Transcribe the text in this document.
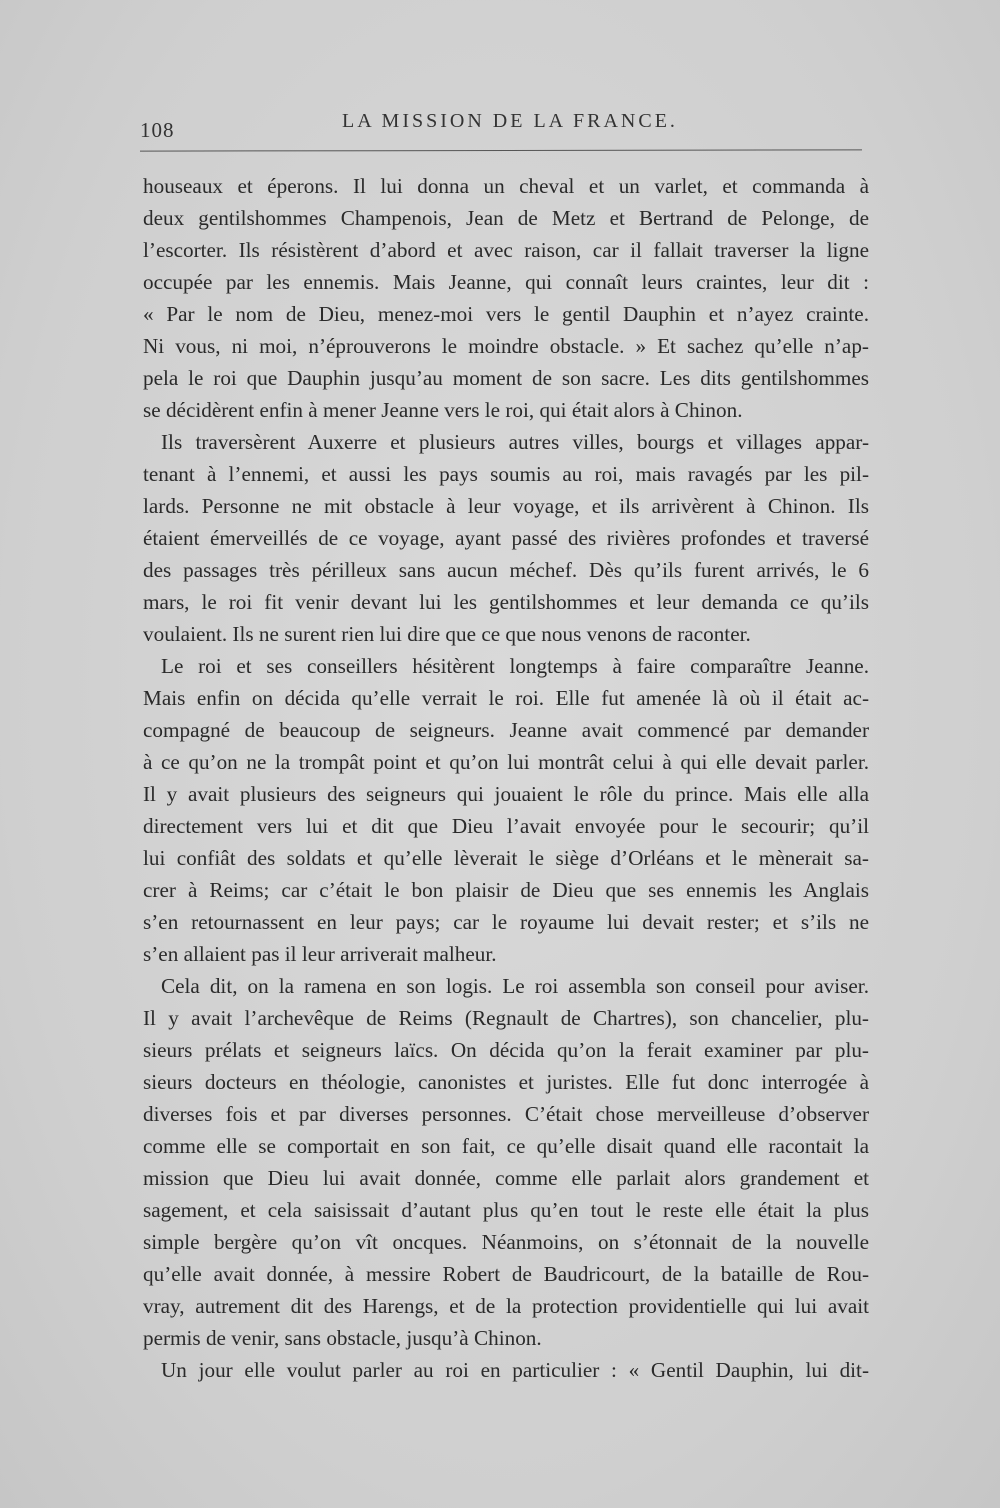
108	LA MISSION DE LA FRANCE.
houseaux et éperons. Il lui donna un cheval et un varlet, et commanda à
deux gentilshommes Champenois, Jean de Metz et Bertrand de Pelonge, de
l’escorter. Ils résistèrent d’abord et avec raison, car il fallait traverser la ligne
occupée par les ennemis. Mais Jeanne, qui connaît leurs craintes, leur dit :
« Par le nom de Dieu, menez-moi vers le gentil Dauphin et n’ayez crainte.
Ni vous, ni moi, n’éprouverons le moindre obstacle. » Et sachez qu’elle n’ap-
pela le roi que Dauphin jusqu’au moment de son sacre. Les dits gentilshommes
se décidèrent enfin à mener Jeanne vers le roi, qui était alors à Chinon.
Ils traversèrent Auxerre et plusieurs autres villes, bourgs et villages appar-
tenant à l’ennemi, et aussi les pays soumis au roi, mais ravagés par les pil-
lards. Personne ne mit obstacle à leur voyage, et ils arrivèrent à Chinon. Ils
étaient émerveillés de ce voyage, ayant passé des rivières profondes et traversé
des passages très périlleux sans aucun méchef. Dès qu’ils furent arrivés, le 6
mars, le roi fit venir devant lui les gentilshommes et leur demanda ce qu’ils
voulaient. Ils ne surent rien lui dire que ce que nous venons de raconter.
Le roi et ses conseillers hésitèrent longtemps à faire comparaître Jeanne.
Mais enfin on décida qu’elle verrait le roi. Elle fut amenée là où il était ac-
compagné de beaucoup de seigneurs. Jeanne avait commencé par demander
à ce qu’on ne la trompât point et qu’on lui montrât celui à qui elle devait parler.
Il y avait plusieurs des seigneurs qui jouaient le rôle du prince. Mais elle alla
directement vers lui et dit que Dieu l’avait envoyée pour le secourir; qu’il
lui confiât des soldats et qu’elle lèverait le siège d’Orléans et le mènerait sa-
crer à Reims; car c’était le bon plaisir de Dieu que ses ennemis les Anglais
s’en retournassent en leur pays; car le royaume lui devait rester; et s’ils ne
s’en allaient pas il leur arriverait malheur.
Cela dit, on la ramena en son logis. Le roi assembla son conseil pour aviser.
Il y avait l’archevêque de Reims (Regnault de Chartres), son chancelier, plu-
sieurs prélats et seigneurs laïcs. On décida qu’on la ferait examiner par plu-
sieurs docteurs en théologie, canonistes et juristes. Elle fut donc interrogée à
diverses fois et par diverses personnes. C’était chose merveilleuse d’observer
comme elle se comportait en son fait, ce qu’elle disait quand elle racontait la
mission que Dieu lui avait donnée, comme elle parlait alors grandement et
sagement, et cela saisissait d’autant plus qu’en tout le reste elle était la plus
simple bergère qu’on vît oncques. Néanmoins, on s’étonnait de la nouvelle
qu’elle avait donnée, à messire Robert de Baudricourt, de la bataille de Rou-
vray, autrement dit des Harengs, et de la protection providentielle qui lui avait
permis de venir, sans obstacle, jusqu’à Chinon.
Un jour elle voulut parler au roi en particulier : « Gentil Dauphin, lui dit-
